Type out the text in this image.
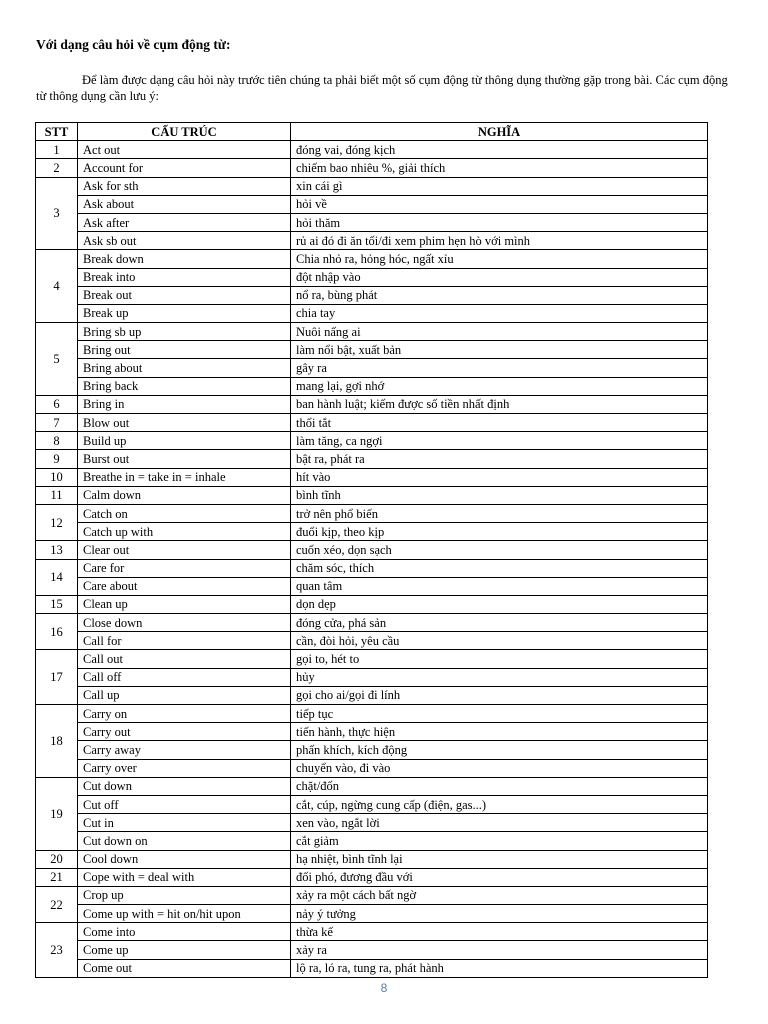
Với dạng câu hỏi về cụm động từ:

Để làm được dạng câu hỏi này trước tiên chúng ta phải biết một số cụm động từ thông dụng thường gặp trong bài. Các cụm động từ thông dụng cần lưu ý:

STT	CẤU TRÚC	NGHĨA
1	Act out	đóng vai, đóng kịch
2	Account for	chiếm bao nhiêu %, giải thích
3	Ask for sth	xin cái gì
	Ask about	hỏi về
	Ask after	hỏi thăm
	Ask sb out	rủ ai đó đi ăn tối/đi xem phim hẹn hò với mình
4	Break down	Chia nhỏ ra, hỏng hóc, ngất xỉu
	Break into	đột nhập vào
	Break out	nổ ra, bùng phát
	Break up	chia tay
5	Bring sb up	Nuôi nấng ai
	Bring out	làm nổi bật, xuất bản
	Bring about	gây ra
	Bring back	mang lại, gợi nhớ
6	Bring in	ban hành luật; kiếm được số tiền nhất định
7	Blow out	thổi tắt
8	Build up	làm tăng, ca ngợi
9	Burst out	bật ra, phát ra
10	Breathe in = take in = inhale	hít vào
11	Calm down	bình tĩnh
12	Catch on	trở nên phổ biến
	Catch up with	đuổi kịp, theo kịp
13	Clear out	cuốn xéo, dọn sạch
14	Care for	chăm sóc, thích
	Care about	quan tâm
15	Clean up	dọn dẹp
16	Close down	đóng cửa, phá sản
	Call for	cần, đòi hỏi, yêu cầu
17	Call out	gọi to, hét to
	Call off	hủy
	Call up	gọi cho ai/gọi đi lính
18	Carry on	tiếp tục
	Carry out	tiến hành, thực hiện
	Carry away	phấn khích, kích động
	Carry over	chuyển vào, đi vào
19	Cut down	chặt/đốn
	Cut off	cắt, cúp, ngừng cung cấp (điện, gas...)
	Cut in	xen vào, ngắt lời
	Cut down on	cắt giảm
20	Cool down	hạ nhiệt, bình tĩnh lại
21	Cope with = deal with	đối phó, đương đầu với
22	Crop up	xảy ra một cách bất ngờ
	Come up with = hit on/hit upon	nảy ý tưởng
23	Come into	thừa kế
	Come up	xảy ra
	Come out	lộ ra, ló ra, tung ra, phát hành
8
